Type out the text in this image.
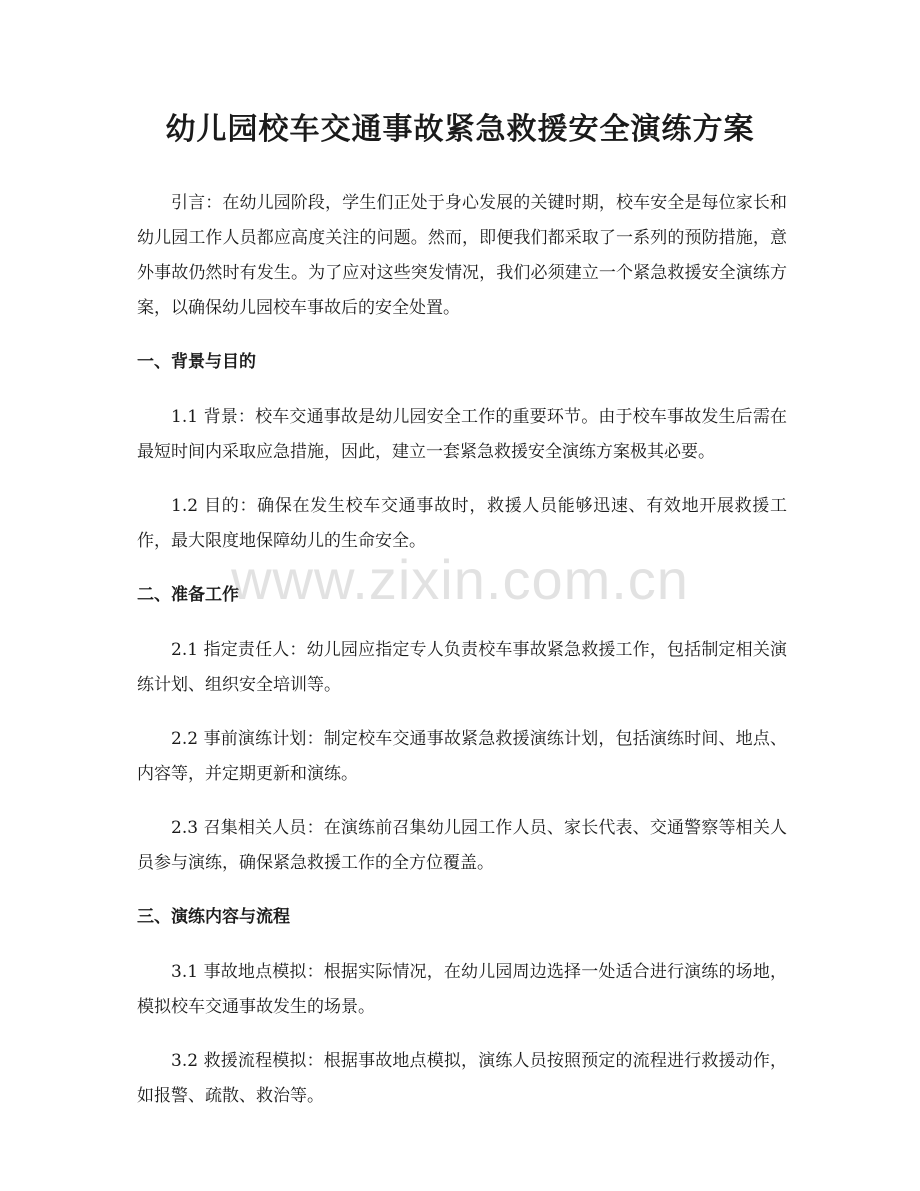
幼儿园校车交通事故紧急救援安全演练方案

引言：在幼儿园阶段，学生们正处于身心发展的关键时期，校车安全是每位家长和幼儿园工作人员都应高度关注的问题。然而，即便我们都采取了一系列的预防措施，意外事故仍然时有发生。为了应对这些突发情况，我们必须建立一个紧急救援安全演练方案，以确保幼儿园校车事故后的安全处置。

一、背景与目的

1.1 背景：校车交通事故是幼儿园安全工作的重要环节。由于校车事故发生后需在最短时间内采取应急措施，因此，建立一套紧急救援安全演练方案极其必要。

1.2 目的：确保在发生校车交通事故时，救援人员能够迅速、有效地开展救援工作，最大限度地保障幼儿的生命安全。

二、准备工作

2.1 指定责任人：幼儿园应指定专人负责校车事故紧急救援工作，包括制定相关演练计划、组织安全培训等。

2.2 事前演练计划：制定校车交通事故紧急救援演练计划，包括演练时间、地点、内容等，并定期更新和演练。

2.3 召集相关人员：在演练前召集幼儿园工作人员、家长代表、交通警察等相关人员参与演练，确保紧急救援工作的全方位覆盖。

三、演练内容与流程

3.1 事故地点模拟：根据实际情况，在幼儿园周边选择一处适合进行演练的场地，模拟校车交通事故发生的场景。

3.2 救援流程模拟：根据事故地点模拟，演练人员按照预定的流程进行救援动作，如报警、疏散、救治等。

www.zixin.com.cn
